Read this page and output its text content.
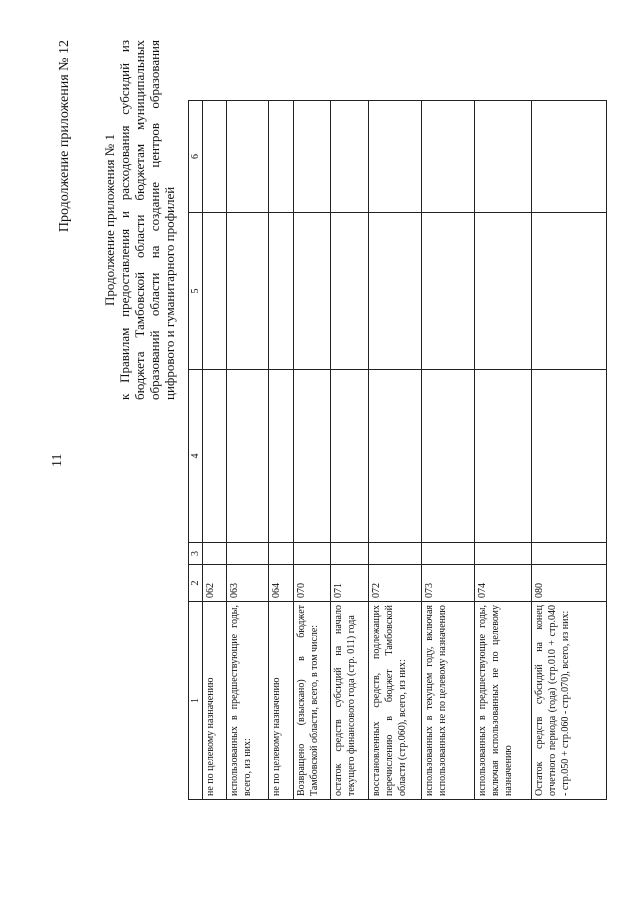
11
Продолжение приложения № 12 Продолжение приложения № 1 к Правилам предоставления и расходования субсидий из бюджета Тамбовской области бюджетам муниципальных образований области на создание центров образования цифрового и гуманитарного профилей
1	2	3	4	5	6
не по целевому назначению	062				
использованных в предшествующие годы, всего, из них:	063				
не по целевому назначению	064				
Возвращено (взыскано) в бюджет Тамбовской области, всего, в том числе:	070				
остаток средств субсидий на начало текущего финансового года (стр. 011) года	071				
восстановленных средств, подлежащих перечислению в бюджет Тамбовской области (стр.060), всего, из них:	072				
использованных в текущем году, включая использованных не по целевому назначению	073				
использованных в предшествующие годы, включая использованных не по целевому назначению	074				
Остаток средств субсидий на конец отчетного периода (года) (стр.010 + стр.040 - стр.050 + стр.060 - стр.070), всего, из них:	080				
